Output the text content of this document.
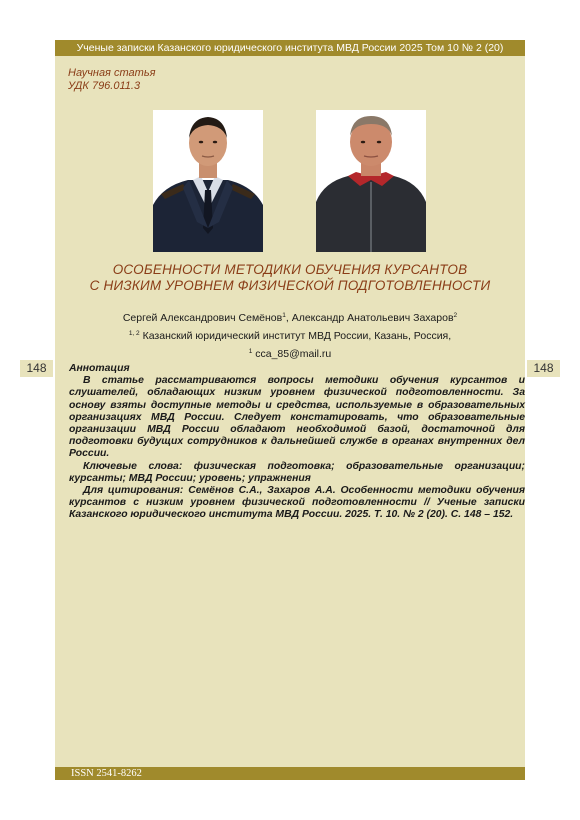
148	148
Ученые записки Казанского юридического института МВД России 2025 Том 10 № 2 (20)
Научная статья
УДК 796.011.3
ОСОБЕННОСТИ МЕТОДИКИ ОБУЧЕНИЯ КУРСАНТОВ
С НИЗКИМ УРОВНЕМ ФИЗИЧЕСКОЙ ПОДГОТОВЛЕННОСТИ
Сергей Александрович Семёнов$^1$, Александр Анатольевич Захаров$^2$
$^{1, 2}$ Казанский юридический институт МВД России, Казань, Россия,
$^1$ cca_85@mail.ru

Аннотация

В статье рассматриваются вопросы методики обучения курсантов и слушателей, обладающих низким уровнем физической подготовленности. За основу взяты доступные методы и средства, используемые в образовательных организациях МВД России. Следует констатировать, что образовательные организации МВД России обладают необходимой базой, достаточной для подготовки будущих сотрудников к дальнейшей службе в органах внутренних дел России.

Ключевые слова: физическая подготовка; образовательные организации; курсанты; МВД России; уровень; упражнения

Для цитирования: Семёнов С.А., Захаров А.А. Особенности методики обучения курсантов с низким уровнем физической подготовленности // Ученые записки Казанского юридического института МВД России. 2025. Т. 10. № 2 (20). С. 148 – 152.

ISSN 2541-8262
